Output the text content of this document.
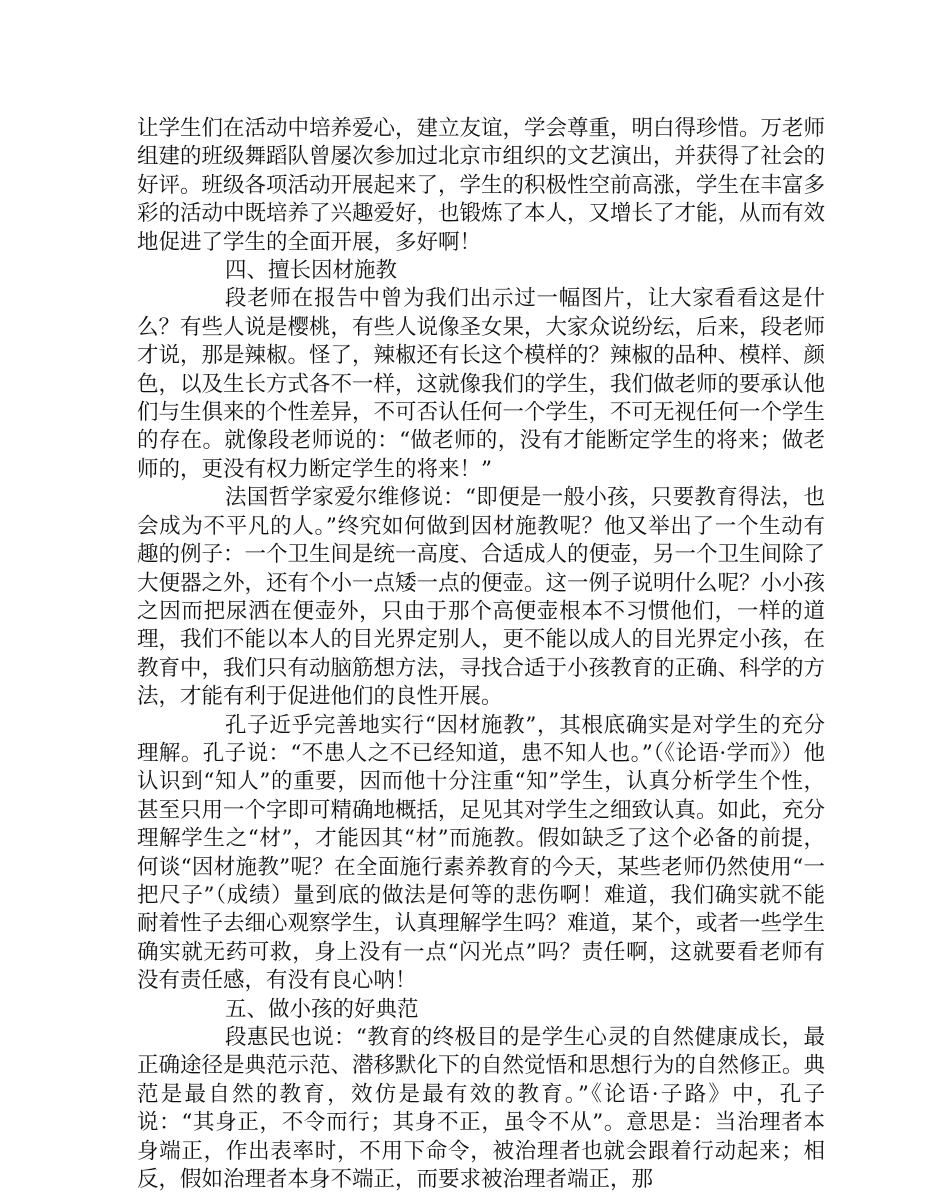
让学生们在活动中培养爱心，建立友谊，学会尊重，明白得珍惜。万老师组建的班级舞蹈队曾屡次参加过北京市组织的文艺演出，并获得了社会的好评。班级各项活动开展起来了，学生的积极性空前高涨，学生在丰富多彩的活动中既培养了兴趣爱好，也锻炼了本人，又增长了才能，从而有效地促进了学生的全面开展，多好啊！

四、擅长因材施教

段老师在报告中曾为我们出示过一幅图片，让大家看看这是什么？有些人说是樱桃，有些人说像圣女果，大家众说纷纭，后来，段老师才说，那是辣椒。怪了，辣椒还有长这个模样的？辣椒的品种、模样、颜色，以及生长方式各不一样，这就像我们的学生，我们做老师的要承认他们与生俱来的个性差异，不可否认任何一个学生，不可无视任何一个学生的存在。就像段老师说的：“做老师的，没有才能断定学生的将来；做老师的，更没有权力断定学生的将来！”

法国哲学家爱尔维修说：“即便是一般小孩，只要教育得法，也会成为不平凡的人。”终究如何做到因材施教呢？他又举出了一个生动有趣的例子：一个卫生间是统一高度、合适成人的便壶，另一个卫生间除了大便器之外，还有个小一点矮一点的便壶。这一例子说明什么呢？小小孩之因而把尿洒在便壶外，只由于那个高便壶根本不习惯他们，一样的道理，我们不能以本人的目光界定别人，更不能以成人的目光界定小孩，在教育中，我们只有动脑筋想方法，寻找合适于小孩教育的正确、科学的方法，才能有利于促进他们的良性开展。

孔子近乎完善地实行“因材施教”，其根底确实是对学生的充分理解。孔子说：“不患人之不已经知道，患不知人也。”（《论语·学而》）他认识到“知人”的重要，因而他十分注重“知”学生，认真分析学生个性，甚至只用一个字即可精确地概括，足见其对学生之细致认真。如此，充分理解学生之“材”，才能因其“材”而施教。假如缺乏了这个必备的前提，何谈“因材施教”呢？在全面施行素养教育的今天，某些老师仍然使用“一把尺子”（成绩）量到底的做法是何等的悲伤啊！难道，我们确实就不能耐着性子去细心观察学生，认真理解学生吗？难道，某个，或者一些学生确实就无药可救，身上没有一点“闪光点”吗？责任啊，这就要看老师有没有责任感，有没有良心呐！

五、做小孩的好典范

段惠民也说：“教育的终极目的是学生心灵的自然健康成长，最正确途径是典范示范、潜移默化下的自然觉悟和思想行为的自然修正。典范是最自然的教育，效仿是最有效的教育。”《论语·子路》中，孔子说：“其身正，不令而行；其身不正，虽令不从”。意思是：当治理者本身端正，作出表率时，不用下命令，被治理者也就会跟着行动起来；相反，假如治理者本身不端正，而要求被治理者端正，那
